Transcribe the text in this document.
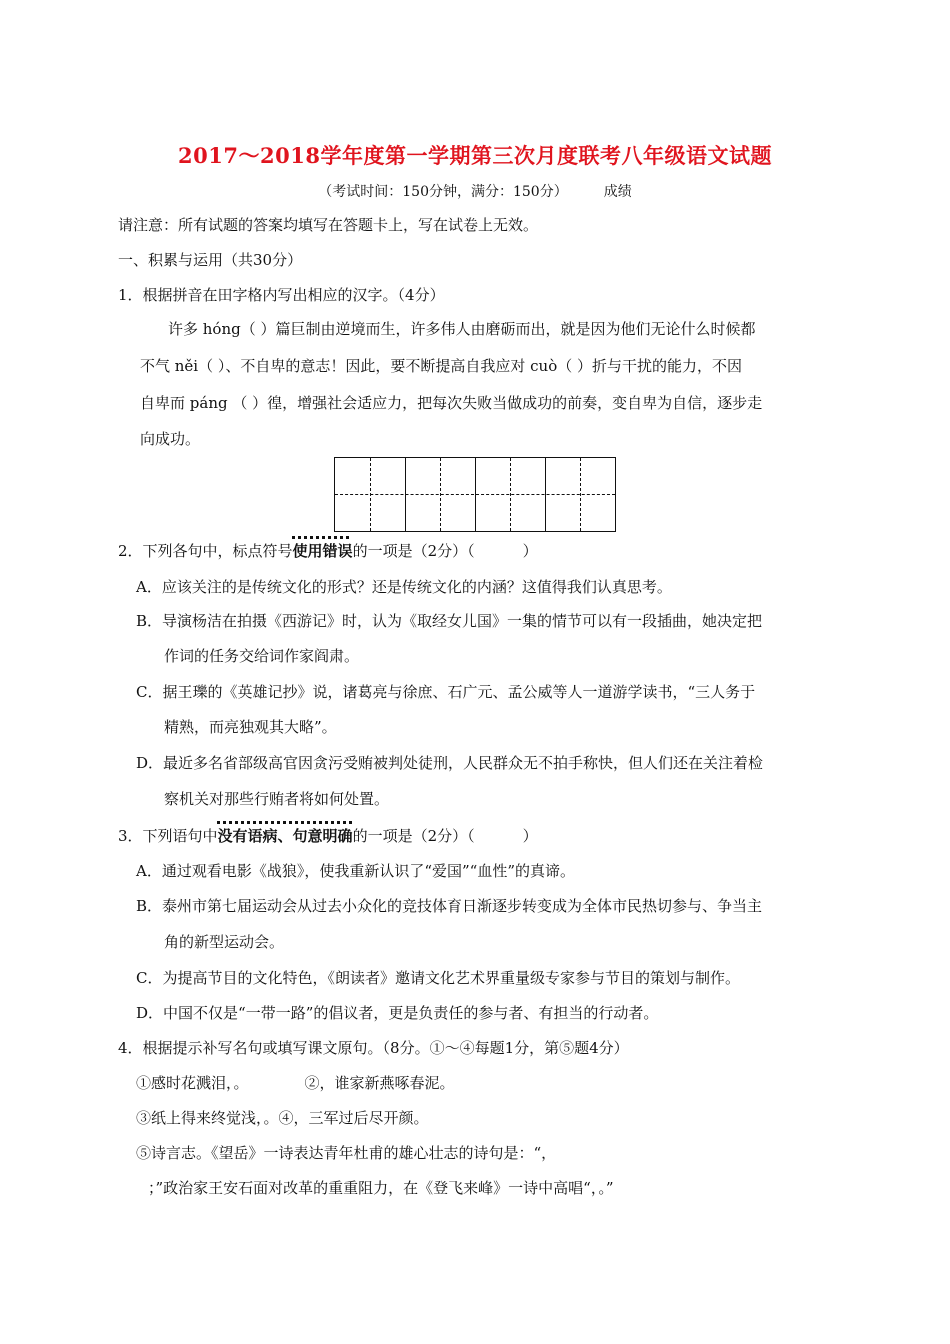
2017～2018学年度第一学期第三次月度联考八年级语文试题
（考试时间：150分钟，满分：150分）	成绩
请注意：所有试题的答案均填写在答题卡上，写在试卷上无效。
一、积累与运用（共30分）
1．根据拼音在田字格内写出相应的汉字。（4分）
许多 hóng（ ）篇巨制由逆境而生，许多伟人由磨砺而出，就是因为他们无论什么时候都
不气 něi（ ）、不自卑的意志！因此，要不断提高自我应对 cuò（ ）折与干扰的能力，不因
自卑而 páng （ ）徨，增强社会适应力，把每次失败当做成功的前奏，变自卑为自信，逐步走
向成功。
2．下列各句中，标点符号使用错误的一项是（2分）（	）
A．应该关注的是传统文化的形式？还是传统文化的内涵？这值得我们认真思考。
B．导演杨洁在拍摄《西游记》时，认为《取经女儿国》一集的情节可以有一段插曲，她决定把
作词的任务交给词作家阎肃。
C．据王瓅的《英雄记抄》说，诸葛亮与徐庶、石广元、孟公威等人一道游学读书，“三人务于
精熟，而亮独观其大略”。
D．最近多名省部级高官因贪污受贿被判处徒刑，人民群众无不拍手称快，但人们还在关注着检
察机关对那些行贿者将如何处置。
3．下列语句中没有语病、句意明确的一项是（2分）（	）
A．通过观看电影《战狼》，使我重新认识了“爱国”“血性”的真谛。
B．泰州市第七届运动会从过去小众化的竞技体育日渐逐步转变成为全体市民热切参与、争当主
角的新型运动会。
C．为提高节目的文化特色，《朗读者》邀请文化艺术界重量级专家参与节目的策划与制作。
D．中国不仅是“一带一路”的倡议者，更是负责任的参与者、有担当的行动者。
4．根据提示补写名句或填写课文原句。（8分。①～④每题1分，第⑤题4分）
①感时花溅泪，。	②，谁家新燕啄春泥。
③纸上得来终觉浅，。④，三军过后尽开颜。
⑤诗言志。《望岳》一诗表达青年杜甫的雄心壮志的诗句是：“，
；”政治家王安石面对改革的重重阻力，在《登飞来峰》一诗中高唱“，。”
